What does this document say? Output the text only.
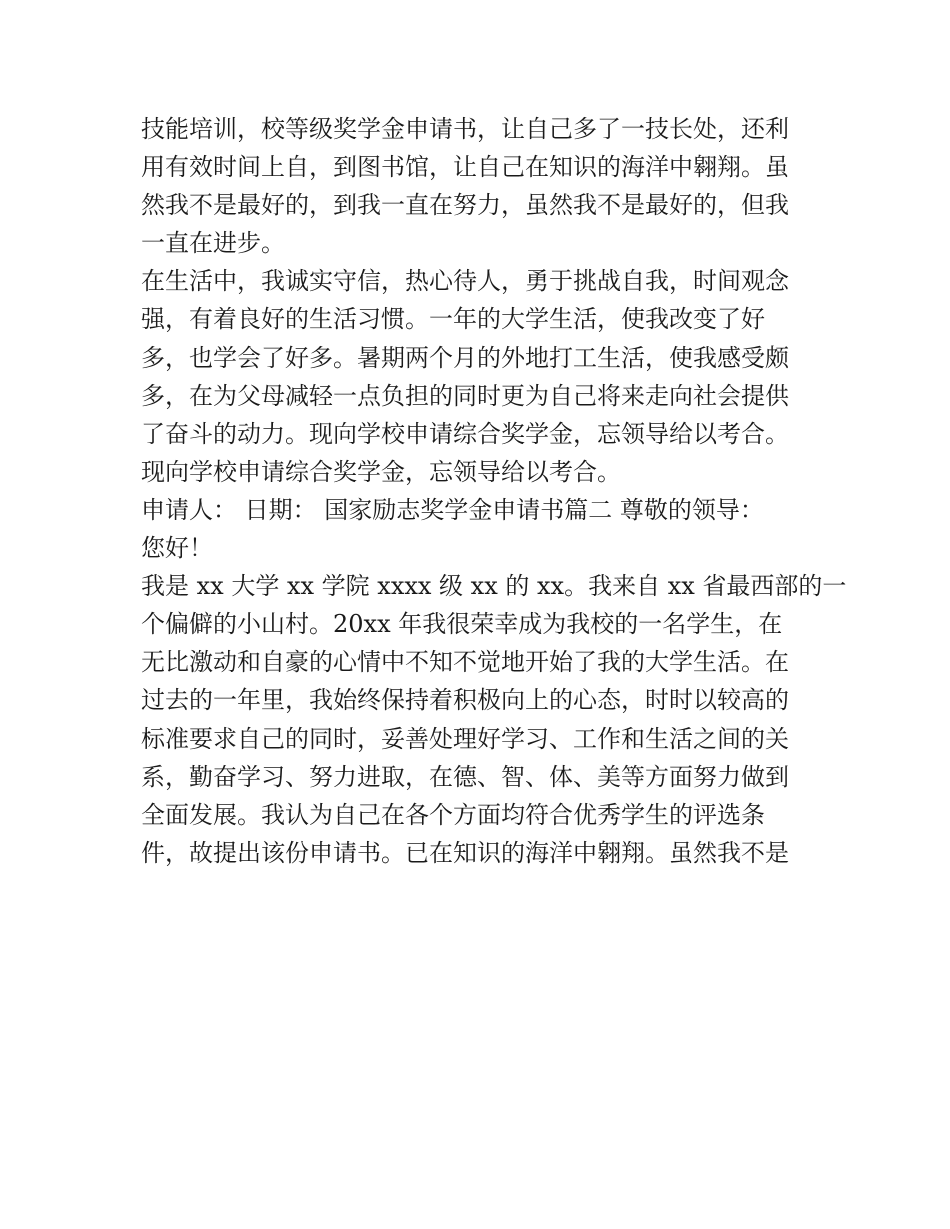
技能培训，校等级奖学金申请书，让自己多了一技长处，还利
用有效时间上自，到图书馆，让自己在知识的海洋中翱翔。虽
然我不是最好的，到我一直在努力，虽然我不是最好的，但我
一直在进步。
在生活中，我诚实守信，热心待人，勇于挑战自我，时间观念
强，有着良好的生活习惯。一年的大学生活，使我改变了好
多，也学会了好多。暑期两个月的外地打工生活，使我感受颇
多，在为父母减轻一点负担的同时更为自己将来走向社会提供
了奋斗的动力。现向学校申请综合奖学金，忘领导给以考合。
现向学校申请综合奖学金，忘领导给以考合。
申请人： 日期： 国家励志奖学金申请书篇二 尊敬的领导：
您好！
我是 xx 大学 xx 学院 xxxx 级 xx 的 xx。我来自 xx 省最西部的一
个偏僻的小山村。20xx 年我很荣幸成为我校的一名学生，在
无比激动和自豪的心情中不知不觉地开始了我的大学生活。在
过去的一年里，我始终保持着积极向上的心态，时时以较高的
标准要求自己的同时，妥善处理好学习、工作和生活之间的关
系，勤奋学习、努力进取，在德、智、体、美等方面努力做到
全面发展。我认为自己在各个方面均符合优秀学生的评选条
件，故提出该份申请书。已在知识的海洋中翱翔。虽然我不是
